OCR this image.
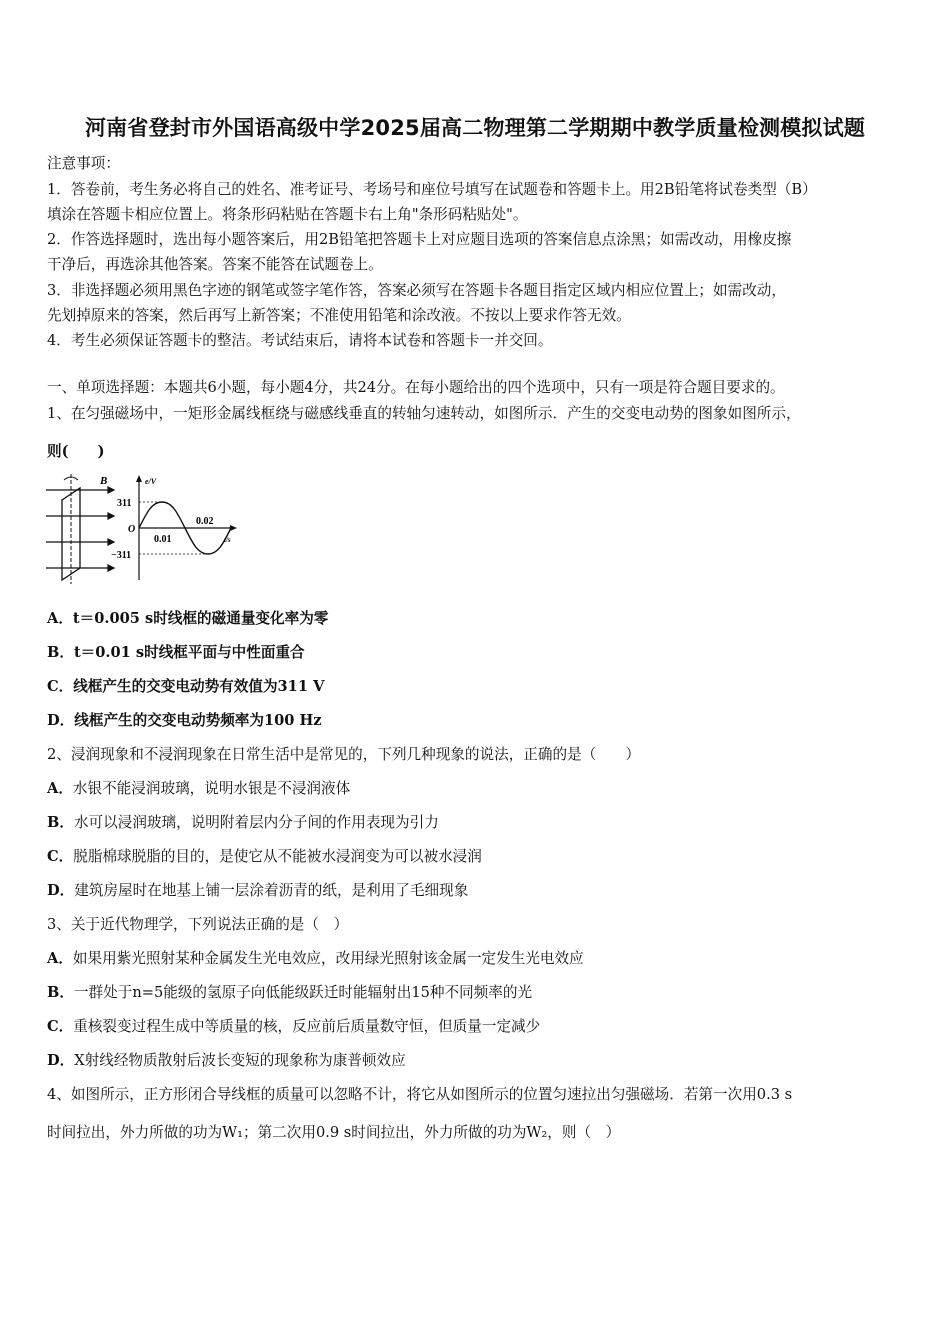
河南省登封市外国语高级中学2025届高二物理第二学期期中教学质量检测模拟试题
注意事项：
1．答卷前，考生务必将自己的姓名、准考证号、考场号和座位号填写在试题卷和答题卡上。用2B铅笔将试卷类型（B）
填涂在答题卡相应位置上。将条形码粘贴在答题卡右上角"条形码粘贴处"。
2．作答选择题时，选出每小题答案后，用2B铅笔把答题卡上对应题目选项的答案信息点涂黑；如需改动，用橡皮擦
干净后，再选涂其他答案。答案不能答在试题卷上。
3．非选择题必须用黑色字迹的钢笔或签字笔作答，答案必须写在答题卡各题目指定区域内相应位置上；如需改动，
先划掉原来的答案，然后再写上新答案；不准使用铅笔和涂改液。不按以上要求作答无效。
4．考生必须保证答题卡的整洁。考试结束后，请将本试卷和答题卡一并交回。
一、单项选择题：本题共6小题，每小题4分，共24分。在每小题给出的四个选项中，只有一项是符合题目要求的。
1、在匀强磁场中，一矩形金属线框绕与磁感线垂直的转轴匀速转动，如图所示．产生的交变电动势的图象如图所示，
则(　　)
B	e/V
311
O
−311
0.01
0.02
t/s
A．t＝0.005 s时线框的磁通量变化率为零
B．t＝0.01 s时线框平面与中性面重合
C．线框产生的交变电动势有效值为311 V
D．线框产生的交变电动势频率为100 Hz
2、浸润现象和不浸润现象在日常生活中是常见的，下列几种现象的说法，正确的是（　　）
A．水银不能浸润玻璃，说明水银是不浸润液体
B．水可以浸润玻璃，说明附着层内分子间的作用表现为引力
C．脱脂棉球脱脂的目的，是使它从不能被水浸润变为可以被水浸润
D．建筑房屋时在地基上铺一层涂着沥青的纸，是利用了毛细现象
3、关于近代物理学，下列说法正确的是（　）
A．如果用紫光照射某种金属发生光电效应，改用绿光照射该金属一定发生光电效应
B．一群处于n=5能级的氢原子向低能级跃迁时能辐射出15种不同频率的光
C．重核裂变过程生成中等质量的核，反应前后质量数守恒，但质量一定减少
D．X射线经物质散射后波长变短的现象称为康普顿效应
4、如图所示，正方形闭合导线框的质量可以忽略不计，将它从如图所示的位置匀速拉出匀强磁场．若第一次用0.3 s
时间拉出，外力所做的功为W₁；第二次用0.9 s时间拉出，外力所做的功为W₂，则（　）
